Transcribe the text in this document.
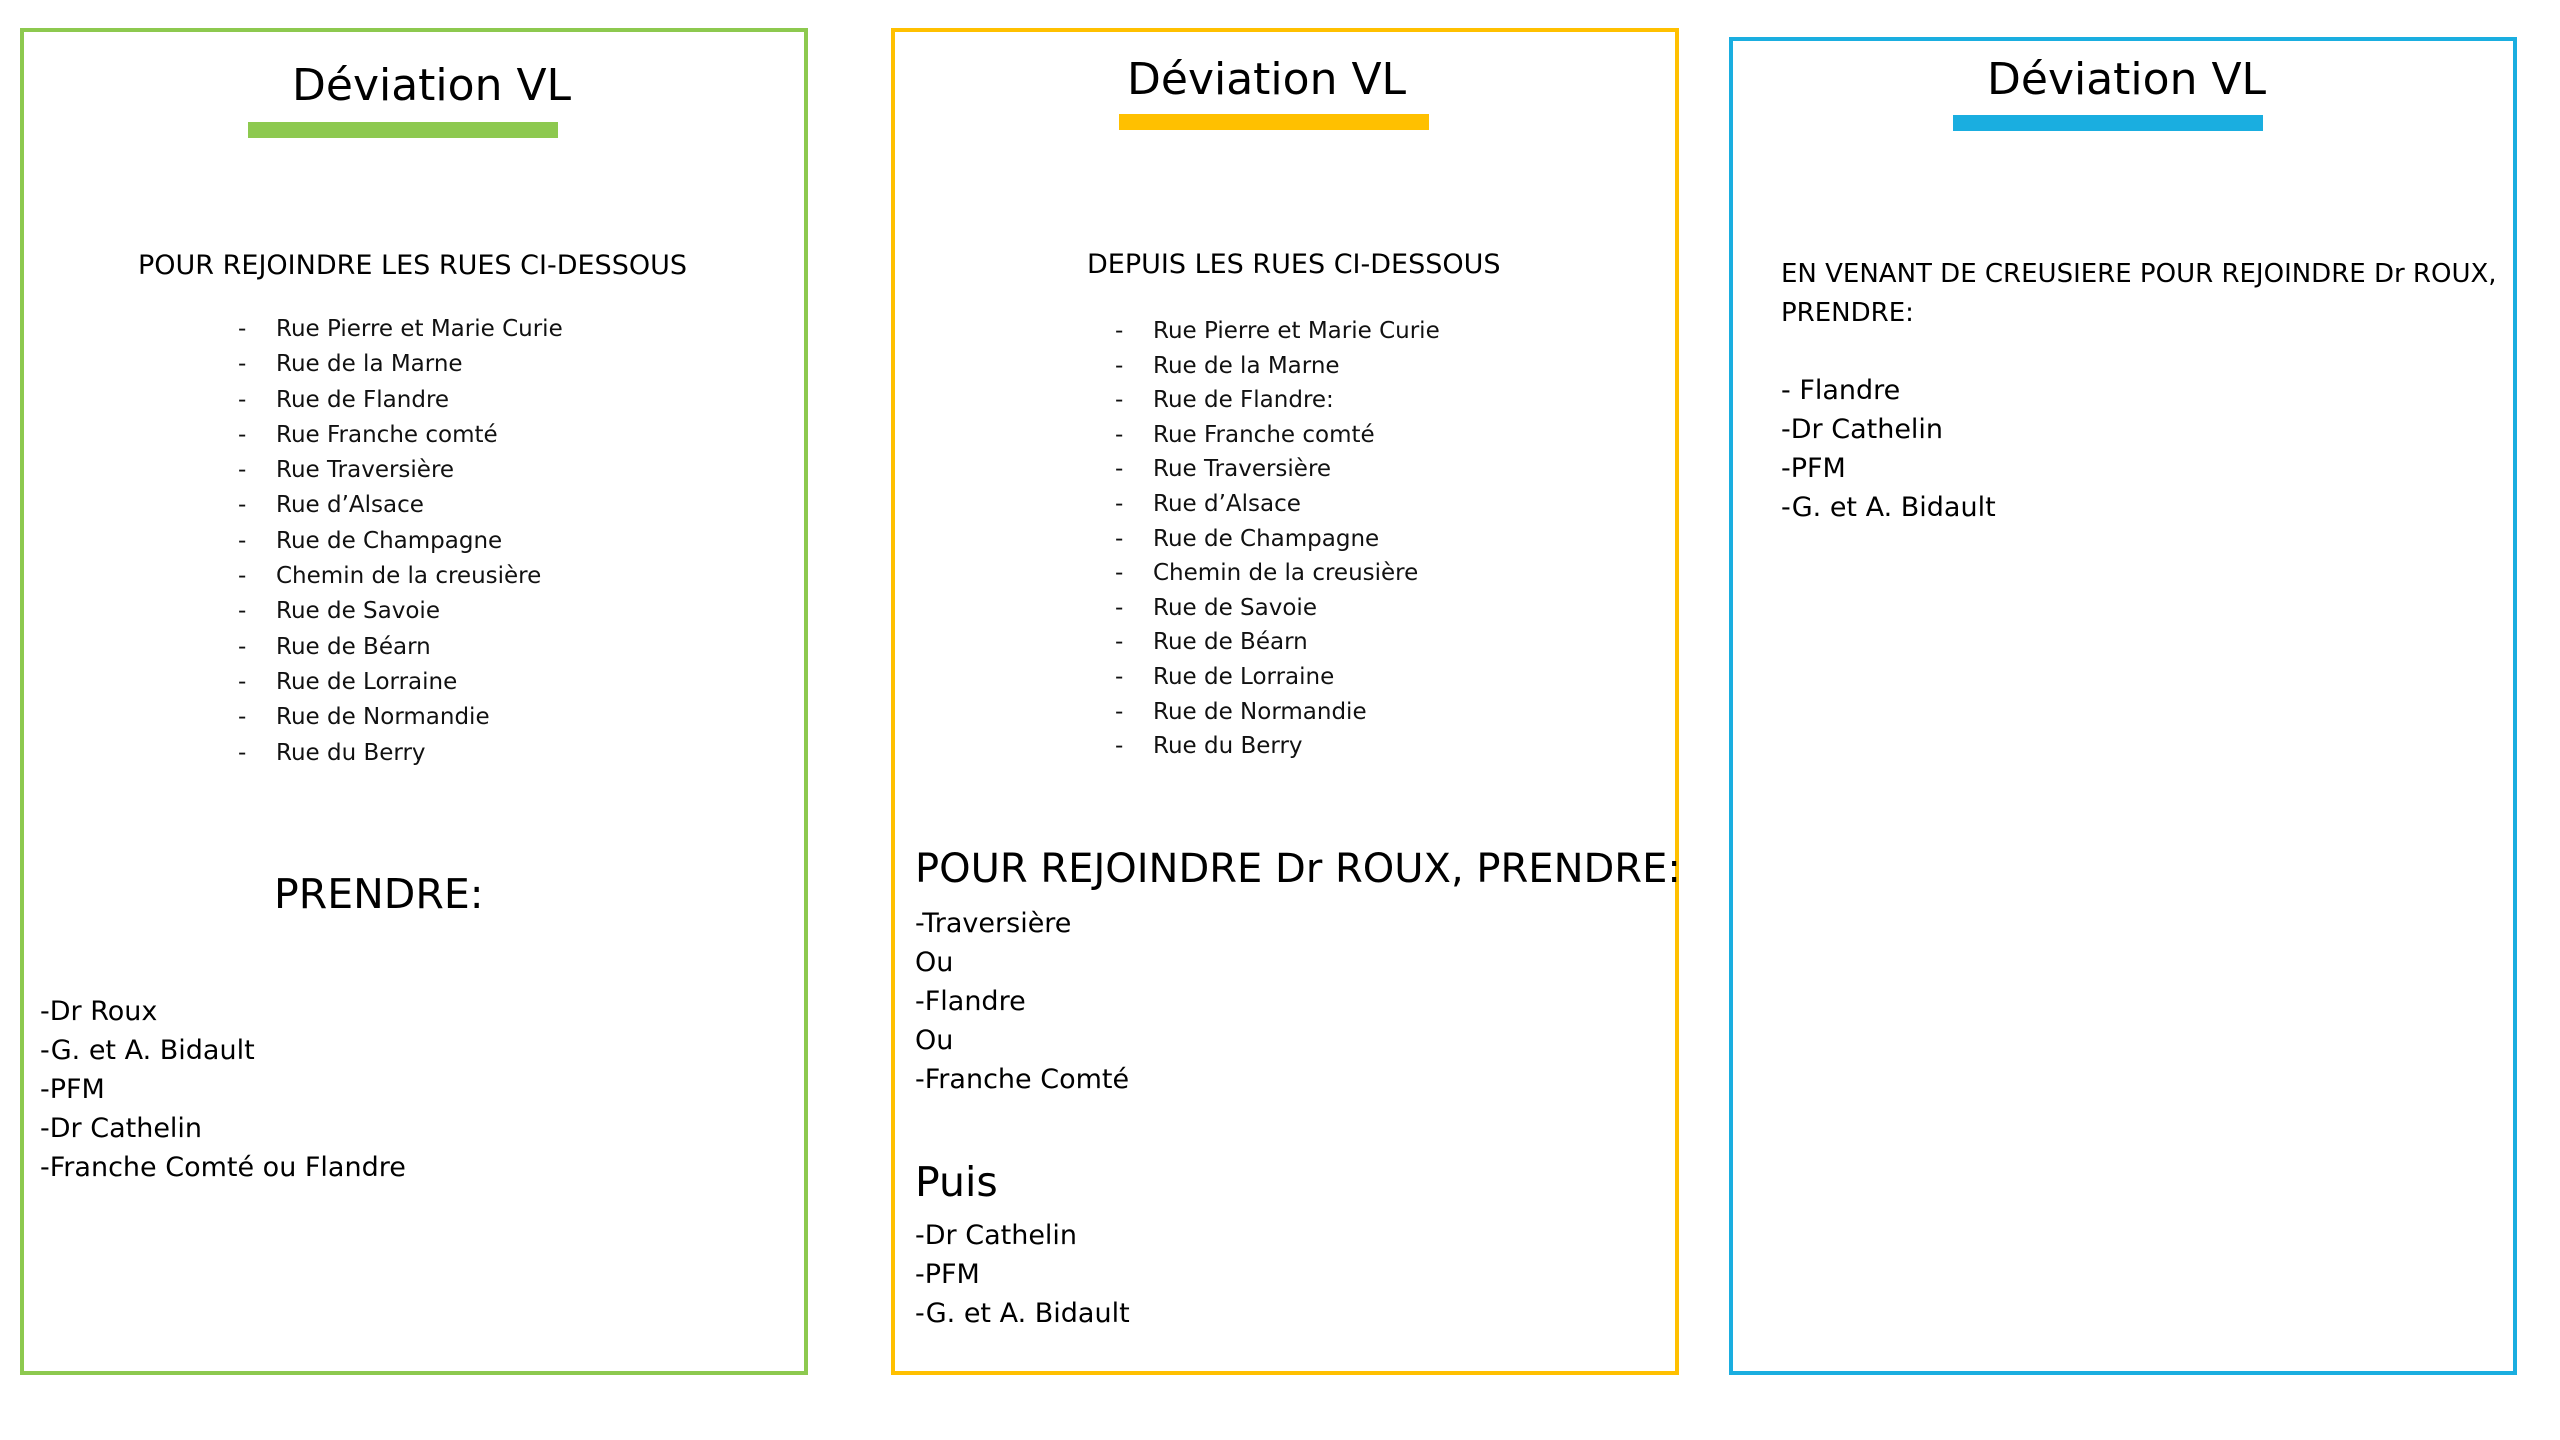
Déviation VL
POUR REJOINDRE LES RUES CI-DESSOUS
- Rue Pierre et Marie Curie
- Rue de la Marne
- Rue de Flandre
- Rue Franche comté
- Rue Traversière
- Rue d’Alsace
- Rue de Champagne
- Chemin de la creusière
- Rue de Savoie
- Rue de Béarn
- Rue de Lorraine
- Rue de Normandie
- Rue du Berry
PRENDRE:
-Dr Roux
-G. et A. Bidault
-PFM
-Dr Cathelin
-Franche Comté ou Flandre
Déviation VL
DEPUIS LES RUES CI-DESSOUS
- Rue Pierre et Marie Curie
- Rue de la Marne
- Rue de Flandre:
- Rue Franche comté
- Rue Traversière
- Rue d’Alsace
- Rue de Champagne
- Chemin de la creusière
- Rue de Savoie
- Rue de Béarn
- Rue de Lorraine
- Rue de Normandie
- Rue du Berry
POUR REJOINDRE Dr ROUX, PRENDRE:
-Traversière
Ou
-Flandre
Ou
-Franche Comté
Puis
-Dr Cathelin
-PFM
-G. et A. Bidault
Déviation VL
EN VENANT DE CREUSIERE POUR REJOINDRE Dr ROUX,
PRENDRE:
- Flandre
-Dr Cathelin
-PFM
-G. et A. Bidault
